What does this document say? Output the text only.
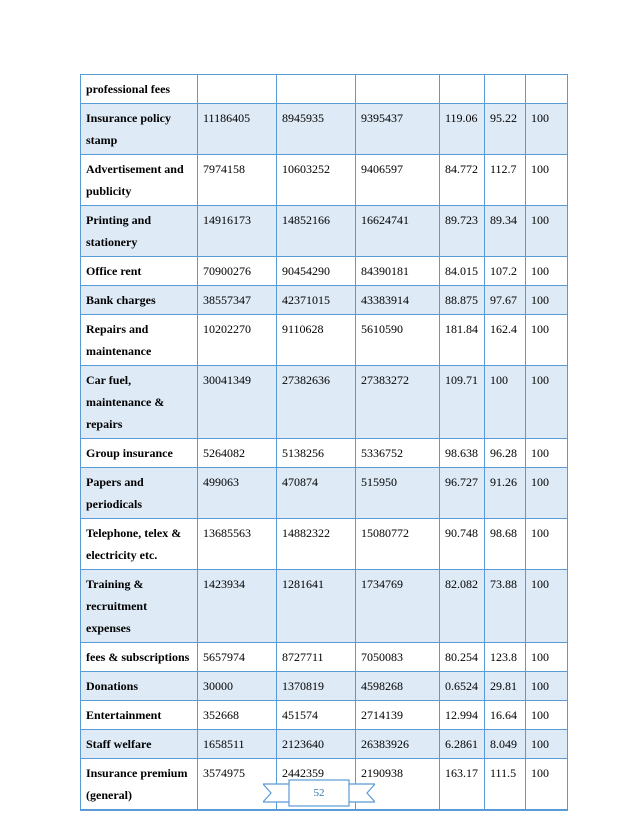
professional fees						
Insurance policy stamp	11186405	8945935	9395437	119.06	95.22	100
Advertisement and publicity	7974158	10603252	9406597	84.772	112.7	100
Printing and stationery	14916173	14852166	16624741	89.723	89.34	100
Office rent	70900276	90454290	84390181	84.015	107.2	100
Bank charges	38557347	42371015	43383914	88.875	97.67	100
Repairs and maintenance	10202270	9110628	5610590	181.84	162.4	100
Car fuel, maintenance & repairs	30041349	27382636	27383272	109.71	100	100
Group insurance	5264082	5138256	5336752	98.638	96.28	100
Papers and periodicals	499063	470874	515950	96.727	91.26	100
Telephone, telex & electricity etc.	13685563	14882322	15080772	90.748	98.68	100
Training & recruitment expenses	1423934	1281641	1734769	82.082	73.88	100
fees & subscriptions	5657974	8727711	7050083	80.254	123.8	100
Donations	30000	1370819	4598268	0.6524	29.81	100
Entertainment	352668	451574	2714139	12.994	16.64	100
Staff welfare	1658511	2123640	26383926	6.2861	8.049	100
Insurance premium (general)	3574975	2442359	2190938	163.17	111.5	100
52
